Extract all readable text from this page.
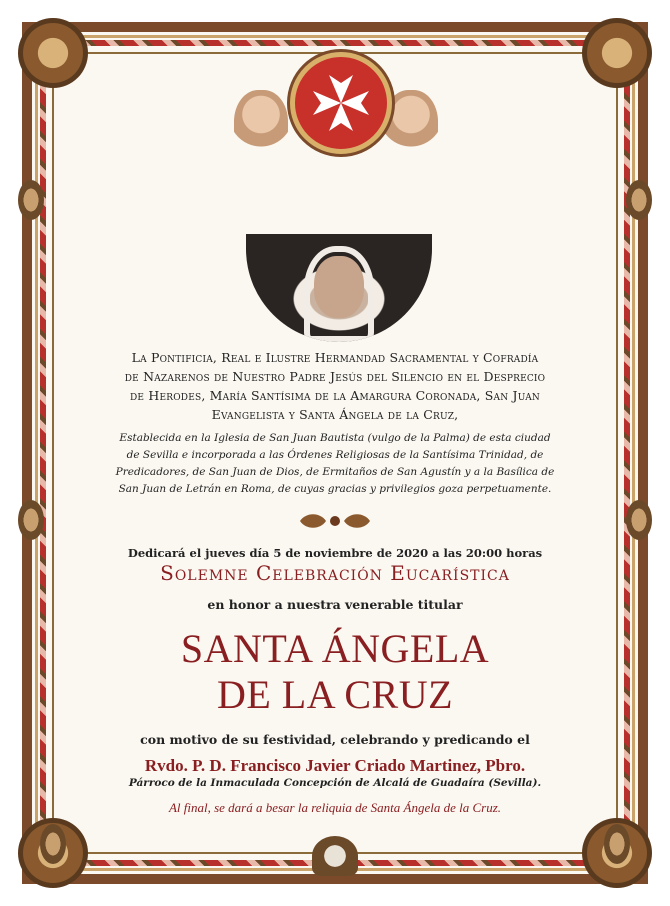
La Pontificia, Real e Ilustre Hermandad Sacramental y Cofradía
de Nazarenos de Nuestro Padre Jesús del Silencio en el Desprecio
de Herodes, María Santísima de la Amargura Coronada, San Juan
Evangelista y Santa Ángela de la Cruz,
Establecida en la Iglesia de San Juan Bautista (vulgo de la Palma) de esta ciudad
de Sevilla e incorporada a las Órdenes Religiosas de la Santísima Trinidad, de
Predicadores, de San Juan de Dios, de Ermitaños de San Agustín y a la Basílica de
San Juan de Letrán en Roma, de cuyas gracias y privilegios goza perpetuamente.
Dedicará el jueves día 5 de noviembre de 2020 a las 20:00 horas
Solemne Celebración Eucarística
en honor a nuestra venerable titular
SANTA ÁNGELA
DE LA CRUZ
con motivo de su festividad, celebrando y predicando el
Rvdo. P. D. Francisco Javier Criado Martinez, Pbro.
Párroco de la Inmaculada Concepción de Alcalá de Guadaíra (Sevilla).
Al final, se dará a besar la reliquia de Santa Ángela de la Cruz.
